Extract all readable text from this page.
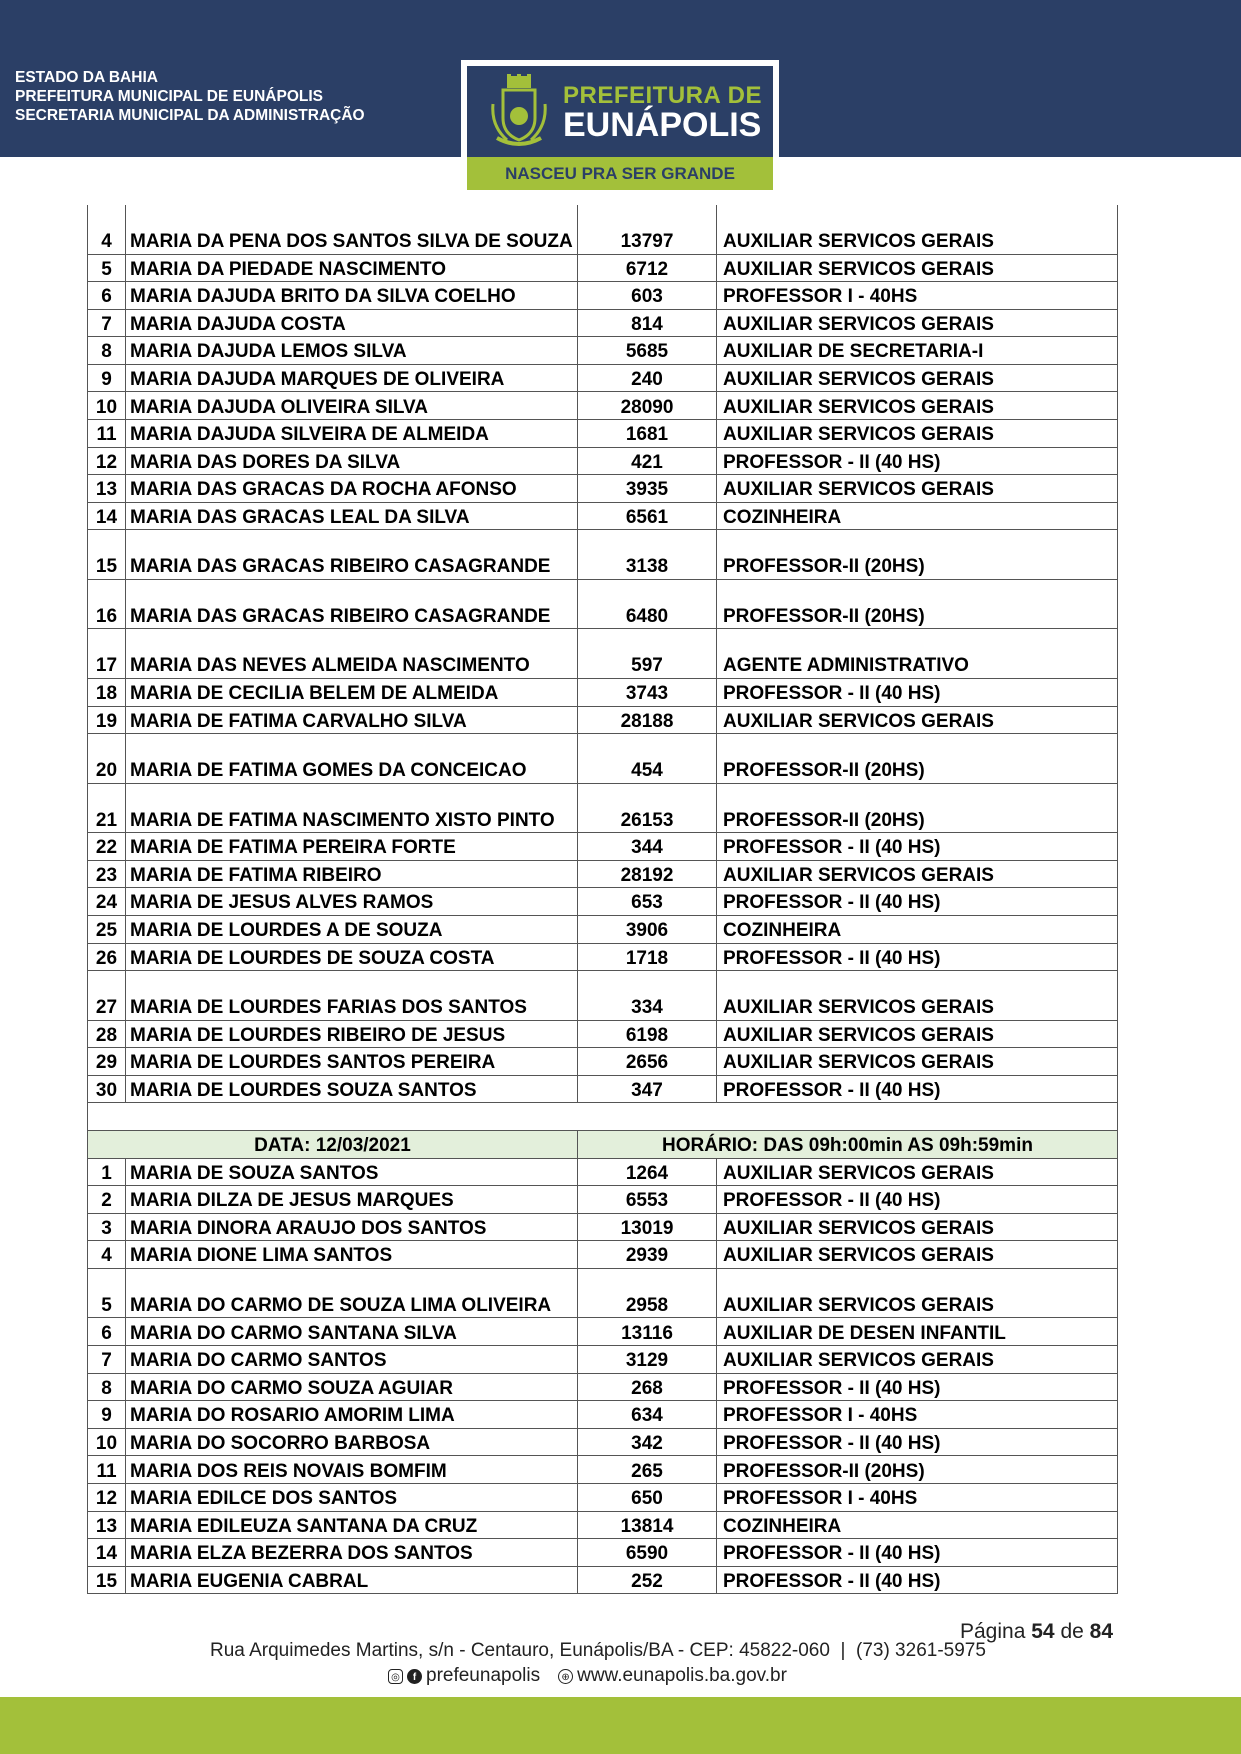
ESTADO DA BAHIA
PREFEITURA MUNICIPAL DE EUNÁPOLIS
SECRETARIA MUNICIPAL DA ADMINISTRAÇÃO
PREFEITURA DE
EUNÁPOLIS
NASCEU PRA SER GRANDE
4	MARIA DA PENA DOS SANTOS SILVA DE SOUZA	13797	AUXILIAR SERVICOS GERAIS
5	MARIA DA PIEDADE NASCIMENTO	6712	AUXILIAR SERVICOS GERAIS
6	MARIA DAJUDA BRITO DA SILVA COELHO	603	PROFESSOR I - 40HS
7	MARIA DAJUDA COSTA	814	AUXILIAR SERVICOS GERAIS
8	MARIA DAJUDA LEMOS SILVA	5685	AUXILIAR DE SECRETARIA-I
9	MARIA DAJUDA MARQUES DE OLIVEIRA	240	AUXILIAR SERVICOS GERAIS
10	MARIA DAJUDA OLIVEIRA SILVA	28090	AUXILIAR SERVICOS GERAIS
11	MARIA DAJUDA SILVEIRA DE ALMEIDA	1681	AUXILIAR SERVICOS GERAIS
12	MARIA DAS DORES DA SILVA	421	PROFESSOR - II (40 HS)
13	MARIA DAS GRACAS DA ROCHA AFONSO	3935	AUXILIAR SERVICOS GERAIS
14	MARIA DAS GRACAS LEAL DA SILVA	6561	COZINHEIRA
15	MARIA DAS GRACAS RIBEIRO CASAGRANDE	3138	PROFESSOR-II (20HS)
16	MARIA DAS GRACAS RIBEIRO CASAGRANDE	6480	PROFESSOR-II (20HS)
17	MARIA DAS NEVES ALMEIDA NASCIMENTO	597	AGENTE ADMINISTRATIVO
18	MARIA DE CECILIA BELEM DE ALMEIDA	3743	PROFESSOR - II (40 HS)
19	MARIA DE FATIMA CARVALHO SILVA	28188	AUXILIAR SERVICOS GERAIS
20	MARIA DE FATIMA GOMES DA CONCEICAO	454	PROFESSOR-II (20HS)
21	MARIA DE FATIMA NASCIMENTO XISTO PINTO	26153	PROFESSOR-II (20HS)
22	MARIA DE FATIMA PEREIRA FORTE	344	PROFESSOR - II (40 HS)
23	MARIA DE FATIMA RIBEIRO	28192	AUXILIAR SERVICOS GERAIS
24	MARIA DE JESUS ALVES RAMOS	653	PROFESSOR - II (40 HS)
25	MARIA DE LOURDES A DE SOUZA	3906	COZINHEIRA
26	MARIA DE LOURDES DE SOUZA COSTA	1718	PROFESSOR - II (40 HS)
27	MARIA DE LOURDES FARIAS DOS SANTOS	334	AUXILIAR SERVICOS GERAIS
28	MARIA DE LOURDES RIBEIRO DE JESUS	6198	AUXILIAR SERVICOS GERAIS
29	MARIA DE LOURDES SANTOS PEREIRA	2656	AUXILIAR SERVICOS GERAIS
30	MARIA DE LOURDES SOUZA SANTOS	347	PROFESSOR - II (40 HS)

DATA: 12/03/2021		HORÁRIO: DAS 09h:00min AS 09h:59min	
1	MARIA DE SOUZA SANTOS	1264	AUXILIAR SERVICOS GERAIS
2	MARIA DILZA DE JESUS MARQUES	6553	PROFESSOR - II (40 HS)
3	MARIA DINORA ARAUJO DOS SANTOS	13019	AUXILIAR SERVICOS GERAIS
4	MARIA DIONE LIMA SANTOS	2939	AUXILIAR SERVICOS GERAIS
5	MARIA DO CARMO DE SOUZA LIMA OLIVEIRA	2958	AUXILIAR SERVICOS GERAIS
6	MARIA DO CARMO SANTANA SILVA	13116	AUXILIAR DE DESEN INFANTIL
7	MARIA DO CARMO SANTOS	3129	AUXILIAR SERVICOS GERAIS
8	MARIA DO CARMO SOUZA AGUIAR	268	PROFESSOR - II (40 HS)
9	MARIA DO ROSARIO AMORIM LIMA	634	PROFESSOR I - 40HS
10	MARIA DO SOCORRO BARBOSA	342	PROFESSOR - II (40 HS)
11	MARIA DOS REIS NOVAIS BOMFIM	265	PROFESSOR-II (20HS)
12	MARIA EDILCE DOS SANTOS	650	PROFESSOR I - 40HS
13	MARIA EDILEUZA SANTANA DA CRUZ	13814	COZINHEIRA
14	MARIA ELZA BEZERRA DOS SANTOS	6590	PROFESSOR - II (40 HS)
15	MARIA EUGENIA CABRAL	252	PROFESSOR - II (40 HS)
Página 54 de 84
Rua Arquimedes Martins, s/n - Centauro, Eunápolis/BA - CEP: 45822-060  |  (73) 3261-5975
◎	f prefeunapolis	⊕ www.eunapolis.ba.gov.br
